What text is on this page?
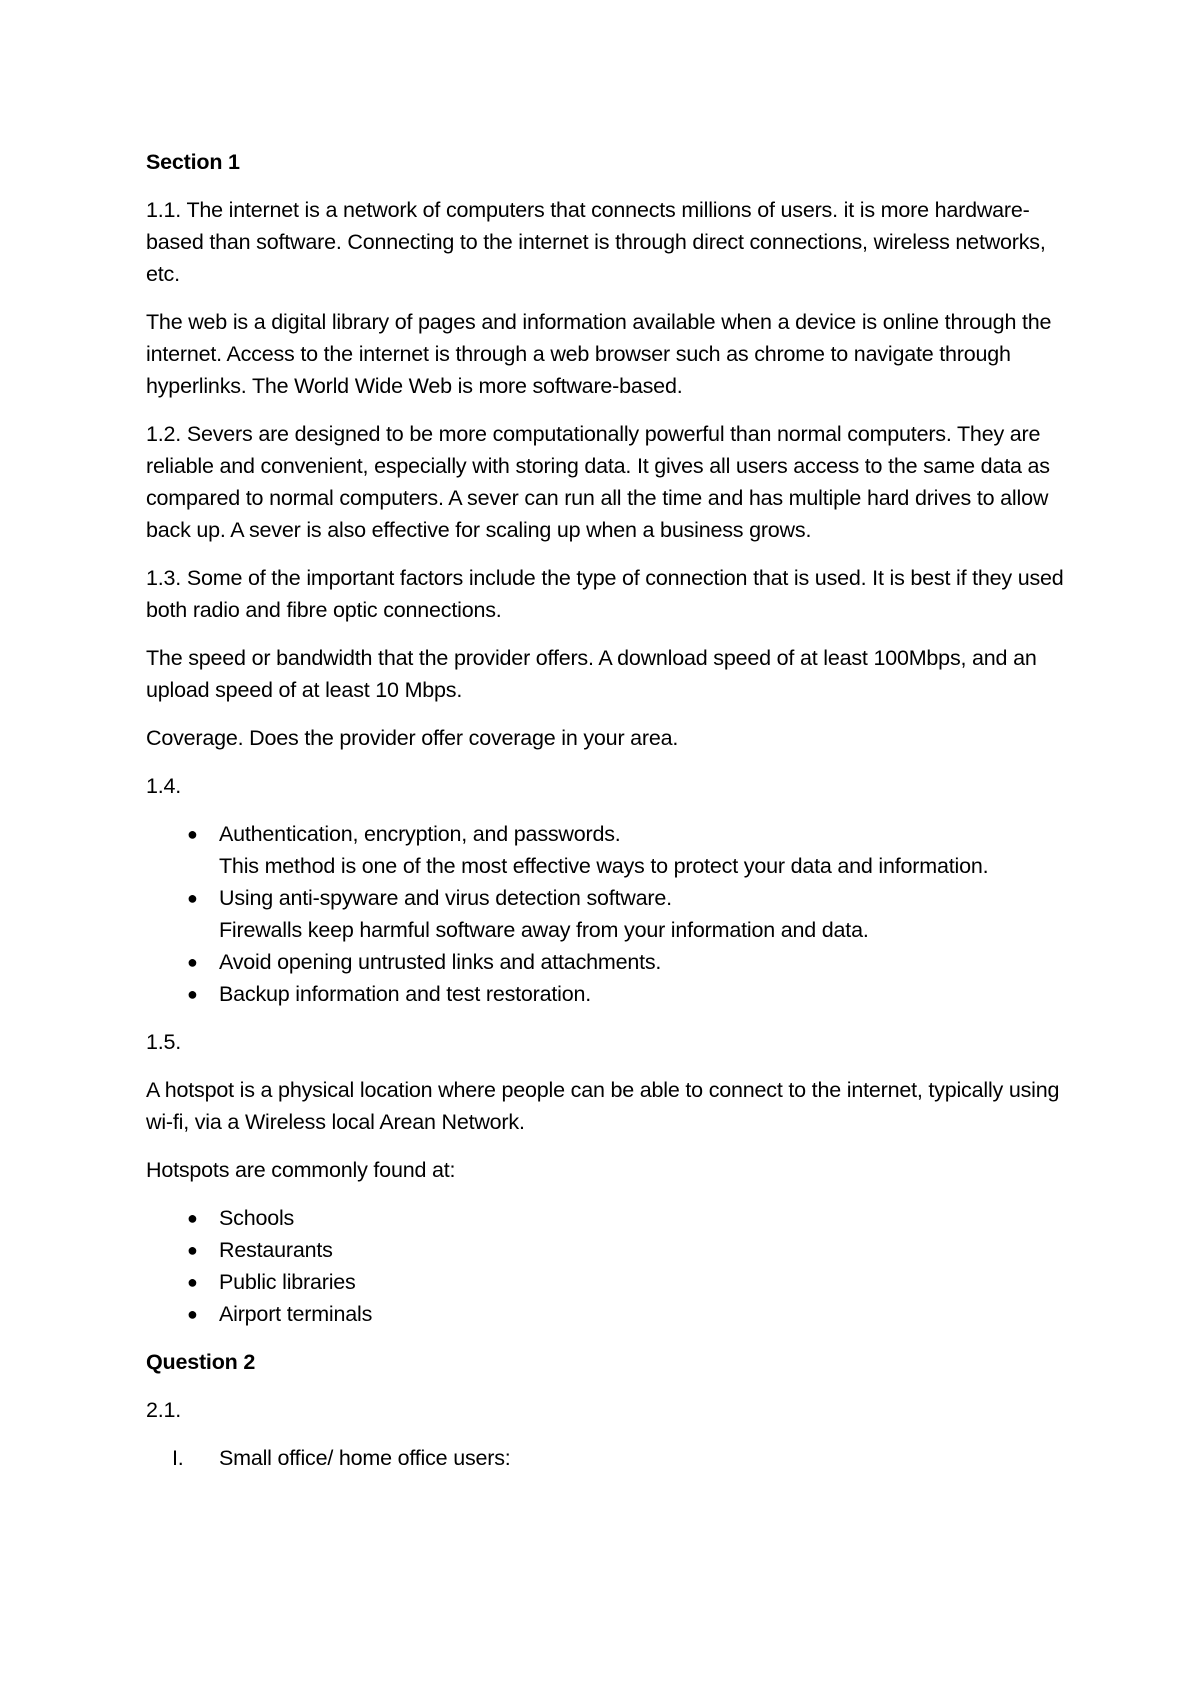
Section 1

1.1. The internet is a network of computers that connects millions of users. it is more hardware-based than software. Connecting to the internet is through direct connections, wireless networks, etc.

The web is a digital library of pages and information available when a device is online through the internet. Access to the internet is through a web browser such as chrome to navigate through hyperlinks. The World Wide Web is more software-based.

1.2. Severs are designed to be more computationally powerful than normal computers. They are reliable and convenient, especially with storing data. It gives all users access to the same data as compared to normal computers. A sever can run all the time and has multiple hard drives to allow back up. A sever is also effective for scaling up when a business grows.

1.3. Some of the important factors include the type of connection that is used. It is best if they used both radio and fibre optic connections.

The speed or bandwidth that the provider offers. A download speed of at least 100Mbps, and an upload speed of at least 10 Mbps.

Coverage. Does the provider offer coverage in your area.

1.4.

● Authentication, encryption, and passwords.
This method is one of the most effective ways to protect your data and information.
● Using anti-spyware and virus detection software.
Firewalls keep harmful software away from your information and data.
● Avoid opening untrusted links and attachments.
● Backup information and test restoration.

1.5.

A hotspot is a physical location where people can be able to connect to the internet, typically using wi-fi, via a Wireless local Arean Network.

Hotspots are commonly found at:

● Schools
● Restaurants
● Public libraries
● Airport terminals

Question 2

2.1.

I. Small office/ home office users:
